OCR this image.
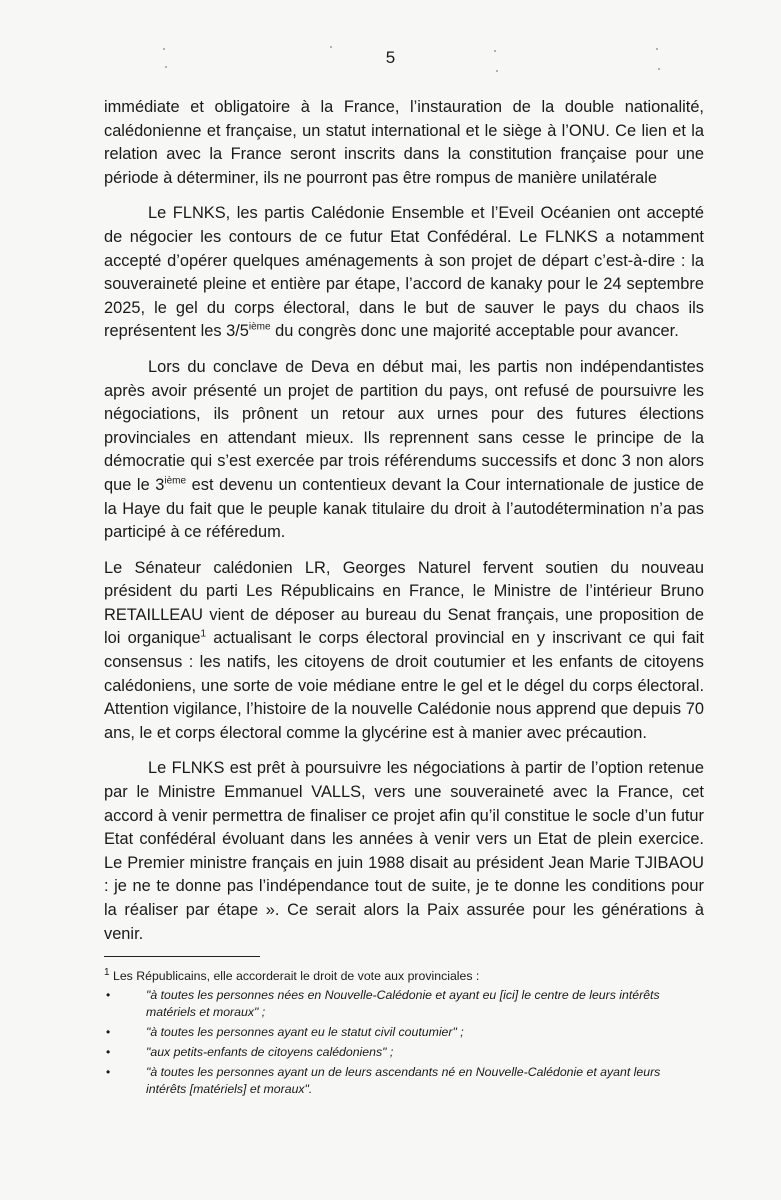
5

immédiate et obligatoire à la France, l’instauration de la double nationalité, calédonienne et française, un statut international et le siège à l’ONU. Ce lien et la relation avec la France seront inscrits dans la constitution française pour une période à déterminer, ils ne pourront pas être rompus de manière unilatérale

Le FLNKS, les partis Calédonie Ensemble et l’Eveil Océanien ont accepté de négocier les contours de ce futur Etat Confédéral. Le FLNKS a notamment accepté d’opérer quelques aménagements à son projet de départ c’est-à-dire : la souveraineté pleine et entière par étape, l’accord de kanaky pour le 24 septembre 2025, le gel du corps électoral, dans le but de sauver le pays du chaos ils représentent les 3/5ième du congrès donc une majorité acceptable pour avancer.

Lors du conclave de Deva en début mai, les partis non indépendantistes après avoir présenté un projet de partition du pays, ont refusé de poursuivre les négociations, ils prônent un retour aux urnes pour des futures élections provinciales en attendant mieux. Ils reprennent sans cesse le principe de la démocratie qui s’est exercée par trois référendums successifs et donc 3 non alors que le 3ième est devenu un contentieux devant la Cour internationale de justice de la Haye du fait que le peuple kanak titulaire du droit à l’autodétermination n’a pas participé à ce référedum.

Le Sénateur calédonien LR, Georges Naturel fervent soutien du nouveau président du parti Les Républicains en France, le Ministre de l’intérieur Bruno RETAILLEAU vient de déposer au bureau du Senat français, une proposition de loi organique$^1$ actualisant le corps électoral provincial en y inscrivant ce qui fait consensus : les natifs, les citoyens de droit coutumier et les enfants de citoyens calédoniens, une sorte de voie médiane entre le gel et le dégel du corps électoral. Attention vigilance, l’histoire de la nouvelle Calédonie nous apprend que depuis 70 ans, le et corps électoral comme la glycérine est à manier avec précaution.

Le FLNKS est prêt à poursuivre les négociations à partir de l’option retenue par le Ministre Emmanuel VALLS, vers une souveraineté avec la France, cet accord à venir permettra de finaliser ce projet afin qu’il constitue le socle d’un futur Etat confédéral évoluant dans les années à venir vers un Etat de plein exercice. Le Premier ministre français en juin 1988 disait au président Jean Marie TJIBAOU : je ne te donne pas l’indépendance tout de suite, je te donne les conditions pour la réaliser par étape ». Ce serait alors la Paix assurée pour les générations à venir.

$^1$ Les Républicains, elle accorderait le droit de vote aux provinciales :

•	"à toutes les personnes nées en Nouvelle-Calédonie et ayant eu [ici] le centre de leurs intérêts matériels et moraux" ;
•	"à toutes les personnes ayant eu le statut civil coutumier" ;
•	"aux petits-enfants de citoyens calédoniens" ;
•	"à toutes les personnes ayant un de leurs ascendants né en Nouvelle-Calédonie et ayant leurs intérêts [matériels] et moraux".
